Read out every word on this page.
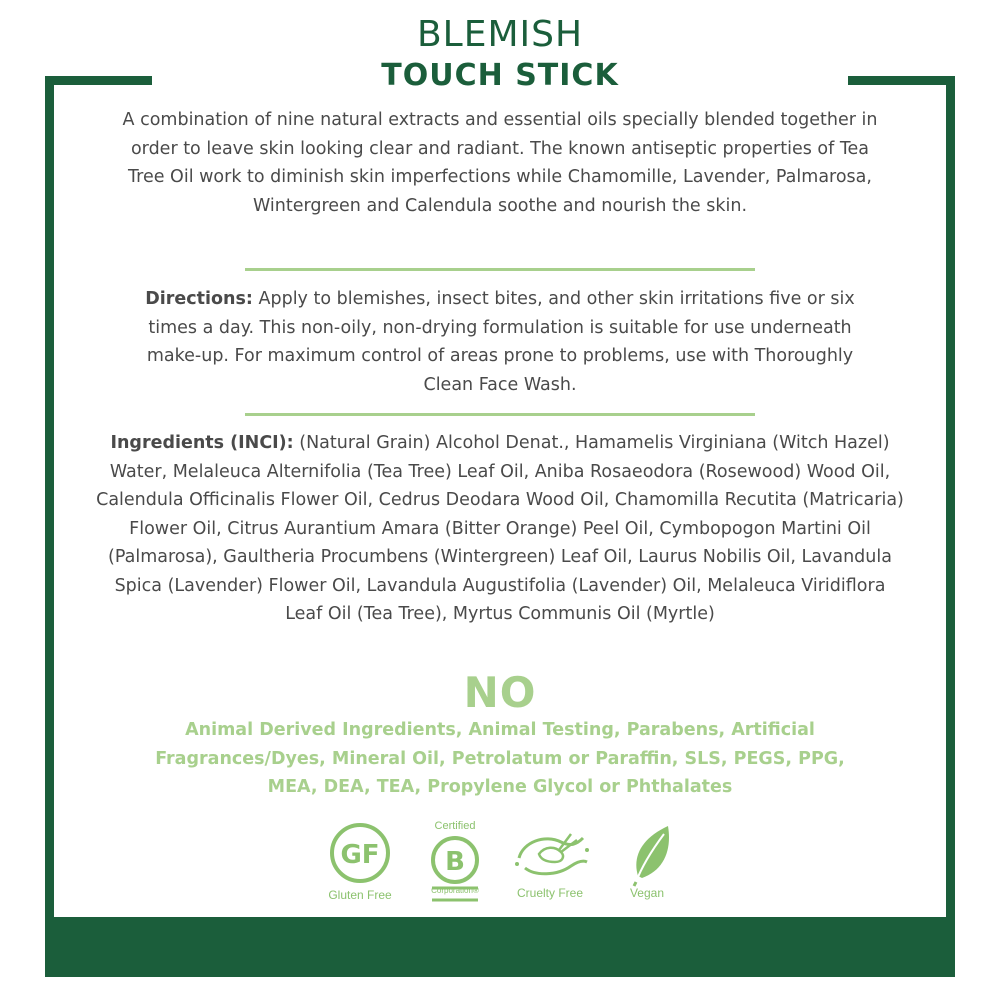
BLEMISH
TOUCH STICK
A combination of nine natural extracts and essential oils specially blended together in order to leave skin looking clear and radiant. The known antiseptic properties of Tea Tree Oil work to diminish skin imperfections while Chamomille, Lavender, Palmarosa, Wintergreen and Calendula soothe and nourish the skin.
Directions: Apply to blemishes, insect bites, and other skin irritations five or six times a day. This non-oily, non-drying formulation is suitable for use underneath make-up. For maximum control of areas prone to problems, use with Thoroughly Clean Face Wash.
Ingredients (INCI): (Natural Grain) Alcohol Denat., Hamamelis Virginiana (Witch Hazel) Water, Melaleuca Alternifolia (Tea Tree) Leaf Oil, Aniba Rosaeodora (Rosewood) Wood Oil, Calendula Officinalis Flower Oil, Cedrus Deodara Wood Oil, Chamomilla Recutita (Matricaria) Flower Oil, Citrus Aurantium Amara (Bitter Orange) Peel Oil, Cymbopogon Martini Oil (Palmarosa), Gaultheria Procumbens (Wintergreen) Leaf Oil, Laurus Nobilis Oil, Lavandula Spica (Lavender) Flower Oil, Lavandula Augustifolia (Lavender) Oil, Melaleuca Viridiflora Leaf Oil (Tea Tree), Myrtus Communis Oil (Myrtle)
NO
Animal Derived Ingredients, Animal Testing, Parabens, Artificial Fragrances/Dyes, Mineral Oil, Petrolatum or Paraffin, SLS, PEGS, PPG, MEA, DEA, TEA, Propylene Glycol or Phthalates
GF
Gluten Free
Certified
B
Corporation®	Cruelty Free	Vegan
